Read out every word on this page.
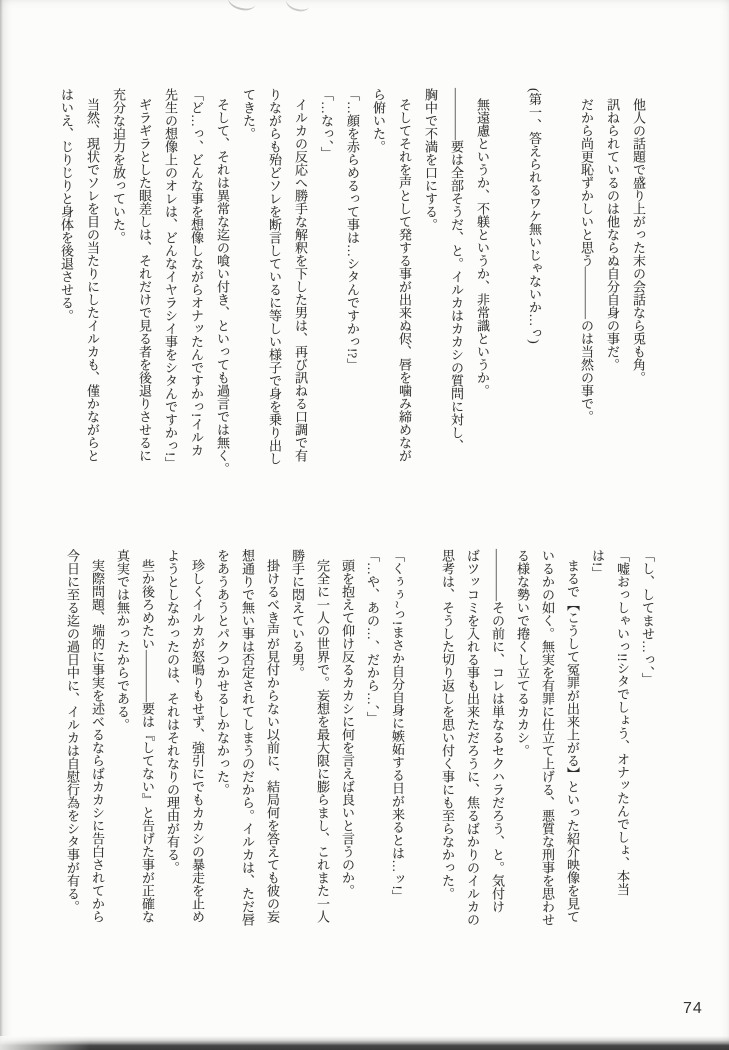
他人の話題で盛り上がった末の会話なら兎も角。

訊ねられているのは他ならぬ自分自身の事だ。

だから尚更恥ずかしいと思う――――のは当然の事で。

(第一、答えられるワケ無いじゃないか…っ)

無遠慮というか、不躾というか、非常識というか。

――――要は全部そうだ、と。イルカはカカシの質問に対し、

胸中で不満を口にする。

そしてそれを声として発する事が出来ぬ侭、唇を噛み締めなが

ら俯いた。

「…顔を赤らめるって事は…シタんですかっ!?」

「…なっ、」

イルカの反応へ勝手な解釈を下した男は、再び訊ねる口調で有

りながらも殆どソレを断言しているに等しい様子で身を乗り出し

てきた。

そして、それは異常な迄の喰い付き、といっても過言では無く。

「ど…っ、どんな事を想像しながらオナッたんですかっ!イルカ

先生の想像上のオレは、どんなイヤラシイ事をシタんですかっ!」

ギラギラとした眼差しは、それだけで見る者を後退りさせるに

充分な迫力を放っていた。

当然、現状でソレを目の当たりにしたイルカも、僅かながらと

はいえ、じりじりと身体を後退させる。

「し、してませ…っ、」

「嘘おっしゃいっ!!シタでしょう、オナッたんでしょ、本当

は!」

まるで【こうして冤罪が出来上がる】といった紹介映像を見て

いるかの如く。無実を有罪に仕立て上げる、悪質な刑事を思わせ

る様な勢いで捲くし立てるカカシ。

――――その前に、コレは単なるセクハラだろう、と。気付け

ばツッコミを入れる事も出来ただろうに、焦るばかりのイルカの

思考は、そうした切り返しを思い付く事にも至らなかった。

「くぅぅ~っ!まさか自分自身に嫉妬する日が来るとは…ッ!」

「…や、あの…、だから…、」

頭を抱えて仰け反るカカシに何を言えば良いと言うのか。

完全に一人の世界で。妄想を最大限に膨らまし、これまた一人

勝手に悶えている男。

掛けるべき声が見付からない以前に、結局何を答えても彼の妄

想通りで無い事は否定されてしまうのだから。イルカは、ただ唇

をあうあうとパクつかせるしかなかった。

珍しくイルカが怒鳴りもせず、強引にでもカカシの暴走を止め

ようとしなかったのは、それはそれなりの理由が有る。

些か後ろめたい――――要は『してない』と告げた事が正確な

真実では無かったからである。

実際問題、端的に事実を述べるならばカカシに告白されてから

今日に至る迄の過日中に、イルカは自慰行為をシタ事が有る。

74
